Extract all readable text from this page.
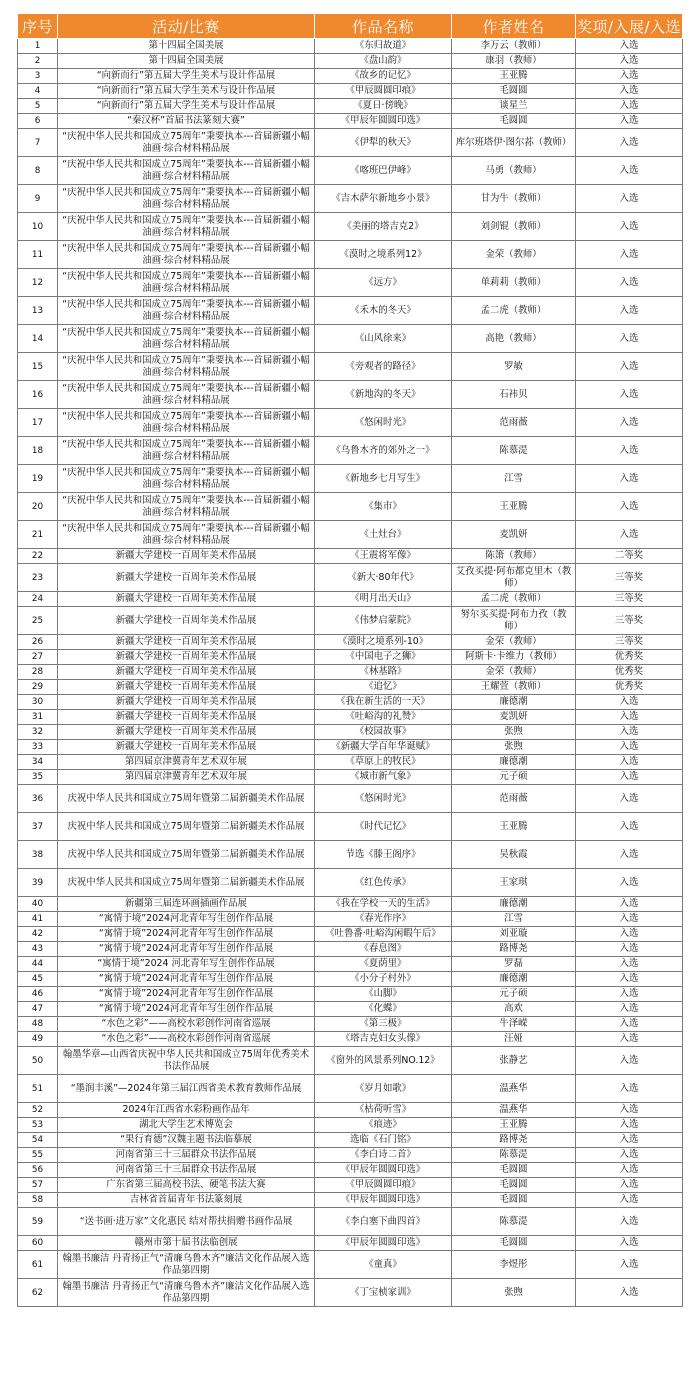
序号	活动/比赛	作品名称	作者姓名	奖项/入展/入选
1	第十四届全国美展	《东归故道》	李万云（教师）	入选
2	第十四届全国美展	《盘山韵》	康羽（教师）	入选
3	“向新而行”第五届大学生美术与设计作品展	《故乡的记忆》	王亚腾	入选
4	“向新而行”第五届大学生美术与设计作品展	《甲辰圆圆印痕》	毛圆圆	入选
5	“向新而行”第五届大学生美术与设计作品展	《夏日·傍晚》	谈星兰	入选
6	“秦汉杯”首届书法篆刻大赛”	《甲辰年圆圆印选》	毛圆圆	入选
7	“庆祝中华人民共和国成立75周年”秉要执本---首届新疆小幅油画·综合材料精品展	《伊犁的秋天》	库尔班塔伊·图尔荪（教师）	入选
8	“庆祝中华人民共和国成立75周年”秉要执本---首届新疆小幅油画·综合材料精品展	《喀班巴伊峰》	马勇（教师）	入选
9	“庆祝中华人民共和国成立75周年”秉要执本---首届新疆小幅油画·综合材料精品展	《吉木萨尔新地乡小景》	甘为牛（教师）	入选
10	“庆祝中华人民共和国成立75周年”秉要执本---首届新疆小幅油画·综合材料精品展	《美丽的塔吉克2》	刘剑锟（教师）	入选
11	“庆祝中华人民共和国成立75周年”秉要执本---首届新疆小幅油画·综合材料精品展	《漠时之境系列12》	金荣（教师）	入选
12	“庆祝中华人民共和国成立75周年”秉要执本---首届新疆小幅油画·综合材料精品展	《远方》	单莉莉（教师）	入选
13	“庆祝中华人民共和国成立75周年”秉要执本---首届新疆小幅油画·综合材料精品展	《禾木的冬天》	孟二虎（教师）	入选
14	“庆祝中华人民共和国成立75周年”秉要执本---首届新疆小幅油画·综合材料精品展	《山风徐来》	高艳（教师）	入选
15	“庆祝中华人民共和国成立75周年”秉要执本---首届新疆小幅油画·综合材料精品展	《旁观者的路径》	罗敏	入选
16	“庆祝中华人民共和国成立75周年”秉要执本---首届新疆小幅油画·综合材料精品展	《新地沟的冬天》	石祎贝	入选
17	“庆祝中华人民共和国成立75周年”秉要执本---首届新疆小幅油画·综合材料精品展	《悠闲时光》	范雨薇	入选
18	“庆祝中华人民共和国成立75周年”秉要执本---首届新疆小幅油画·综合材料精品展	《乌鲁木齐的郊外之一》	陈慕湜	入选
19	“庆祝中华人民共和国成立75周年”秉要执本---首届新疆小幅油画·综合材料精品展	《新地乡七月写生》	江雪	入选
20	“庆祝中华人民共和国成立75周年”秉要执本---首届新疆小幅油画·综合材料精品展	《集市》	王亚腾	入选
21	“庆祝中华人民共和国成立75周年”秉要执本---首届新疆小幅油画·综合材料精品展	《土灶台》	麦凯妍	入选
22	新疆大学建校一百周年美术作品展	《王震将军像》	陈箫（教师）	二等奖
23	新疆大学建校一百周年美术作品展	《新大·80年代》	艾孜买提·阿布都克里木（教师）	三等奖
24	新疆大学建校一百周年美术作品展	《明月出天山》	孟二虎（教师）	三等奖
25	新疆大学建校一百周年美术作品展	《伟梦启蒙院》	努尔买买提·阿布力孜（教师）	三等奖
26	新疆大学建校一百周年美术作品展	《漠时之境系列-10》	金荣（教师）	三等奖
27	新疆大学建校一百周年美术作品展	《中国电子之狮》	阿斯卡·卡维力（教师）	优秀奖
28	新疆大学建校一百周年美术作品展	《林基路》	金荣（教师）	优秀奖
29	新疆大学建校一百周年美术作品展	《追忆》	王耀萱（教师）	优秀奖
30	新疆大学建校一百周年美术作品展	《我在新生活的一天》	廉德潮	入选
31	新疆大学建校一百周年美术作品展	《吐峪沟的礼赞》	麦凯妍	入选
32	新疆大学建校一百周年美术作品展	《校园故事》	张煦	入选
33	新疆大学建校一百周年美术作品展	《新疆大学百年华诞赋》	张煦	入选
34	第四届京津冀青年艺术双年展	《草原上的牧民》	廉德潮	入选
35	第四届京津冀青年艺术双年展	《城市新气象》	元子硕	入选
36	庆祝中华人民共和国成立75周年暨第二届新疆美术作品展	《悠闲时光》	范雨薇	入选
37	庆祝中华人民共和国成立75周年暨第二届新疆美术作品展	《时代记忆》	王亚腾	入选
38	庆祝中华人民共和国成立75周年暨第二届新疆美术作品展	节选《滕王阁序》	吴秋霞	入选
39	庆祝中华人民共和国成立75周年暨第二届新疆美术作品展	《红色传承》	王家琪	入选
40	新疆第三届连环画插画作品展	《我在学校一天的生活》	廉德潮	入选
41	“寓情于境”2024河北青年写生创作作品展	《春光作序》	江雪	入选
42	“寓情于境”2024河北青年写生创作作品展	《吐鲁番·吐峪沟闲暇午后》	刘亚璇	入选
43	“寓情于境”2024河北青年写生创作作品展	《春息图》	路博尧	入选
44	“寓情于境”2024 河北青年写生创作作品展	《夏荫里》	罗磊	入选
45	“寓情于境”2024河北青年写生创作作品展	《小分子村外》	廉德潮	入选
46	“寓情于境”2024河北青年写生创作作品展	《山脚》	元子硕	入选
47	“寓情于境”2024河北青年写生创作作品展	《化蝶》	高欢	入选
48	“水色之彩”——高校水彩创作河南省巡展	《第三极》	牛泽嵘	入选
49	“水色之彩”——高校水彩创作河南省巡展	《塔吉克妇女头像》	汪娅	入选
50	翰墨华章—山西省庆祝中华人民共和国成立75周年优秀美术书法作品展	《窗外的风景系列NO.12》	张静艺	入选
51	“墨润丰溪”—2024年第三届江西省美术教育教师作品展	《岁月如歌》	温燕华	入选
52	2024年江西省水彩粉画作品年	《枯荷听雪》	温燕华	入选
53	湖北大学生艺术博览会	《痕迹》	王亚腾	入选
54	“果行育德”汉魏主题书法临摹展	选临《石门铭》	路博尧	入选
55	河南省第三十三届群众书法作品展	《李白诗二首》	陈慕湜	入选
56	河南省第三十三届群众书法作品展	《甲辰年圆圆印选》	毛圆圆	入选
57	广东省第三届高校书法、硬笔书法大赛	《甲辰圆圆印痕》	毛圆圆	入选
58	吉林省首届青年书法篆刻展	《甲辰年圆圆印选》	毛圆圆	入选
59	“送书画·进万家”文化惠民 结对帮扶捐赠书画作品展	《李白塞下曲四首》	陈慕湜	入选
60	赣州市第十届书法临创展	《甲辰年圆圆印选》	毛圆圆	入选
61	翰墨书廉洁 丹青扬正气“清廉乌鲁木齐”廉洁文化作品展入选作品第四期	《童真》	李煜彤	入选
62	翰墨书廉洁 丹青扬正气“清廉乌鲁木齐”廉洁文化作品展入选作品第四期	《丁宝桢家训》	张煦	入选
